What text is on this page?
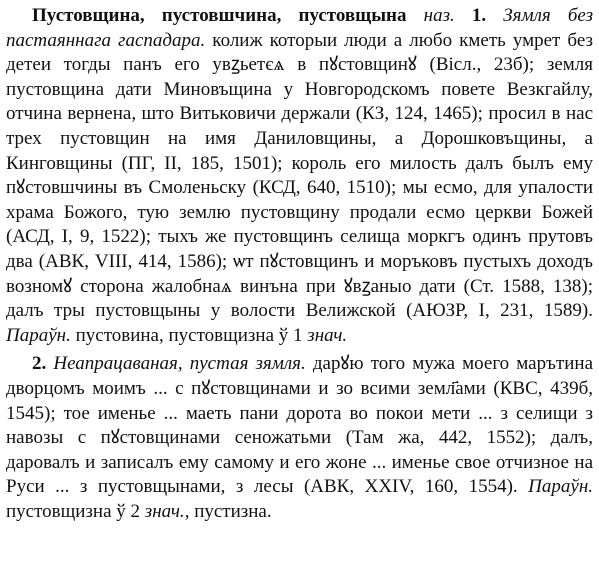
Пустовщина, пустовшчина, пустовщына наз. 1. Зямля без пастаяннага гаспадара. колиж которыи люди а любо кметь умрет без детеи тогды панъ его увꙁьетєѧ в пꙋстовщинꙋ (Віcл., 23б); земля пустовщина дати Миновъщина у Новгородскомъ повете Везкгайлу, отчина вернена, штo Витьковичи держали (КЗ, 124, 1465); просил в нас трех пустовщин на имя Даниловщины, а Дорошковъщины, а Кинговщины (ПГ, II, 185, 1501); король его милость далъ былъ ему пꙋстовшчины въ Смоленьску (КСД, 640, 1510); мы есмо, для упалости храма Божого, тую землю пустовщину продали есмо церкви Божей (АСД, I, 9, 1522); тыхъ же пустовщинъ селища моркгъ одинъ прутовъ два (АВК, VIII, 414, 1586); ѡт пꙋстовщинъ и моръковъ пустыхъ доходъ возномꙋ сторона жалобнаѧ винъна при ꙋвꙁаныо дати (Ст. 1588, 138); далъ тры пустовщыны у волости Велижской (АЮЗР, I, 231, 1589). Параўн. пустовина, пустовщизна ў 1 знач.

2. Неапрацаваная, пустая зямля. дарꙋю того мужа моего марътина дворцомъ моимъ ... с пꙋстовщинами и зо всими земл҃ами (КВС, 439б, 1545); тое именье ... маеть пани доpoта во покои мети ... з селищи з навозы с пꙋстовщинами сеножатьми (Там жа, 442, 1552); далъ, даровалъ и записалъ ему самому и его жоне ... именье свое отчизное на Руси ... з пустовщынами, з лесы (АВК, XXIV, 160, 1554). Параўн. пустовщизна ў 2 знач., пустизна.
